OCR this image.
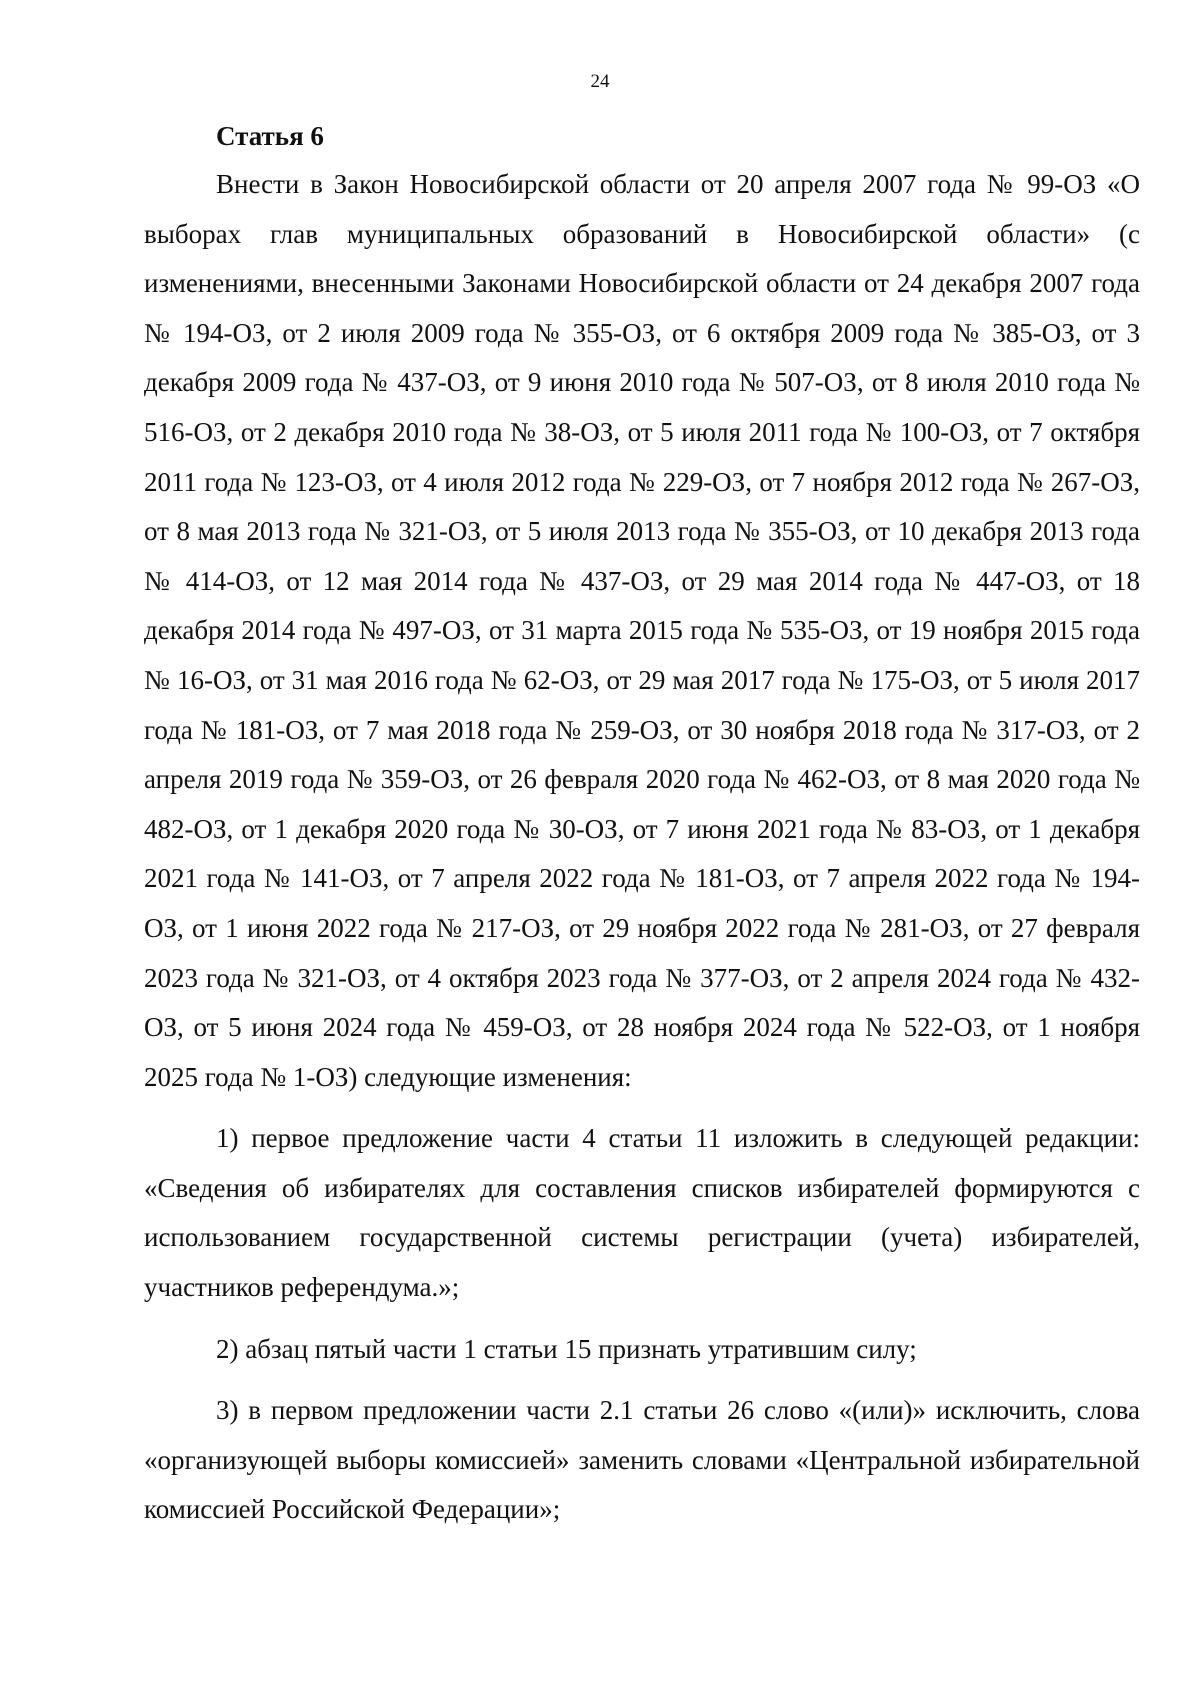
24
Статья 6

Внести в Закон Новосибирской области от 20 апреля 2007 года № 99-ОЗ «О выборах глав муниципальных образований в Новосибирской области» (с изменениями, внесенными Законами Новосибирской области от 24 декабря 2007 года № 194-ОЗ, от 2 июля 2009 года № 355-ОЗ, от 6 октября 2009 года № 385-ОЗ, от 3 декабря 2009 года № 437-ОЗ, от 9 июня 2010 года № 507-ОЗ, от 8 июля 2010 года № 516-ОЗ, от 2 декабря 2010 года № 38-ОЗ, от 5 июля 2011 года № 100-ОЗ, от 7 октября 2011 года № 123-ОЗ, от 4 июля 2012 года № 229-ОЗ, от 7 ноября 2012 года № 267-ОЗ, от 8 мая 2013 года № 321-ОЗ, от 5 июля 2013 года № 355-ОЗ, от 10 декабря 2013 года № 414-ОЗ, от 12 мая 2014 года № 437-ОЗ, от 29 мая 2014 года № 447-ОЗ, от 18 декабря 2014 года № 497-ОЗ, от 31 марта 2015 года № 535-ОЗ, от 19 ноября 2015 года № 16-ОЗ, от 31 мая 2016 года № 62-ОЗ, от 29 мая 2017 года № 175-ОЗ, от 5 июля 2017 года № 181-ОЗ, от 7 мая 2018 года № 259-ОЗ, от 30 ноября 2018 года № 317-ОЗ, от 2 апреля 2019 года № 359-ОЗ, от 26 февраля 2020 года № 462-ОЗ, от 8 мая 2020 года № 482-ОЗ, от 1 декабря 2020 года № 30-ОЗ, от 7 июня 2021 года № 83-ОЗ, от 1 декабря 2021 года № 141-ОЗ, от 7 апреля 2022 года № 181-ОЗ, от 7 апреля 2022 года № 194-ОЗ, от 1 июня 2022 года № 217-ОЗ, от 29 ноября 2022 года № 281-ОЗ, от 27 февраля 2023 года № 321-ОЗ, от 4 октября 2023 года № 377-ОЗ, от 2 апреля 2024 года № 432-ОЗ, от 5 июня 2024 года № 459-ОЗ, от 28 ноября 2024 года № 522-ОЗ, от 1 ноября 2025 года № 1-ОЗ) следующие изменения:

1) первое предложение части 4 статьи 11 изложить в следующей редакции: «Сведения об избирателях для составления списков избирателей формируются с использованием государственной системы регистрации (учета) избирателей, участников референдума.»;

2) абзац пятый части 1 статьи 15 признать утратившим силу;

3) в первом предложении части 2.1 статьи 26 слово «(или)» исключить, слова «организующей выборы комиссией» заменить словами «Центральной избирательной комиссией Российской Федерации»;
